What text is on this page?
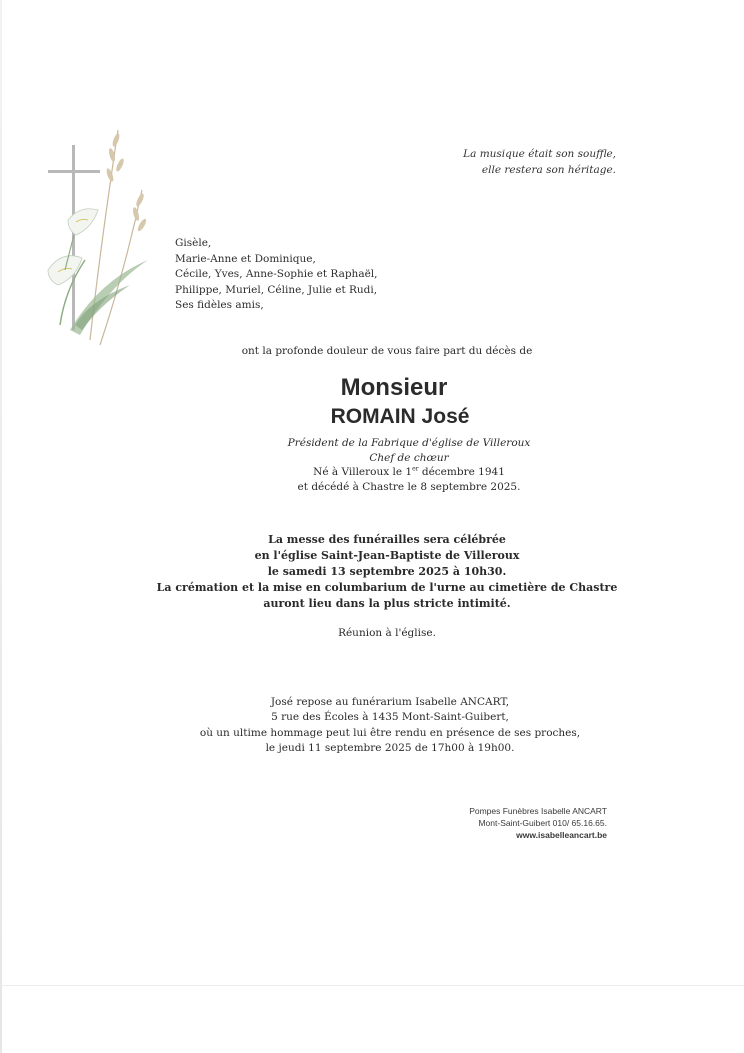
La musique était son souffle,
elle restera son héritage.
Gisèle,
Marie-Anne et Dominique,
Cécile, Yves, Anne-Sophie et Raphaël,
Philippe, Muriel, Céline, Julie et Rudi,
Ses fidèles amis,
ont la profonde douleur de vous faire part du décès de
Monsieur
ROMAIN José
Président de la Fabrique d'église de Villeroux
Chef de chœur
Né à Villeroux le 1er décembre 1941
et décédé à Chastre le 8 septembre 2025.
La messe des funérailles sera célébrée
en l'église Saint-Jean-Baptiste de Villeroux
le samedi 13 septembre 2025 à 10h30.
La crémation et la mise en columbarium de l'urne au cimetière de Chastre
auront lieu dans la plus stricte intimité.
Réunion à l'église.
José repose au funérarium Isabelle ANCART,
5 rue des Écoles à 1435 Mont-Saint-Guibert,
où un ultime hommage peut lui être rendu en présence de ses proches,
le jeudi 11 septembre 2025 de 17h00 à 19h00.
Pompes Funèbres Isabelle ANCART
Mont-Saint-Guibert 010/ 65.16.65.
www.isabelleancart.be
